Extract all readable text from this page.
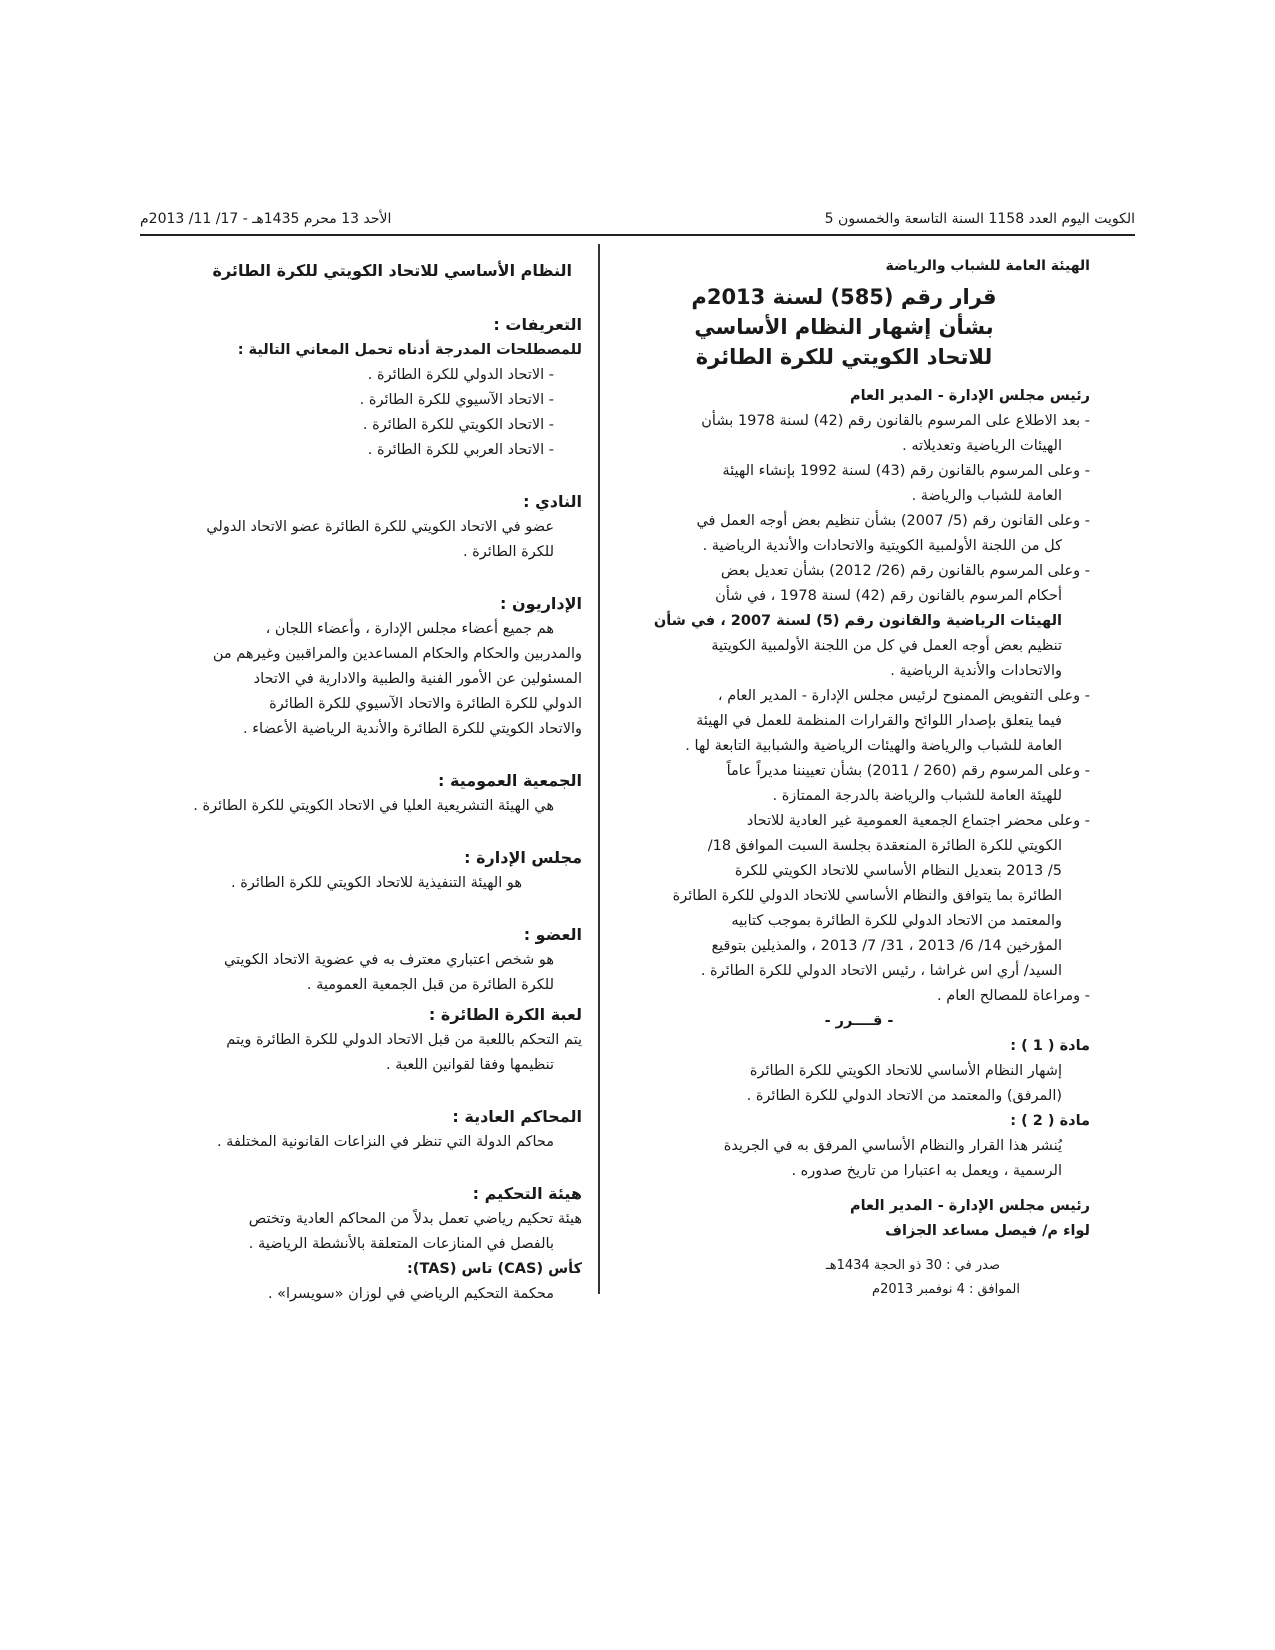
الكويت اليوم العدد 1158 السنة التاسعة والخمسون 5
الأحد 13 محرم 1435هـ - 17/ 11/ 2013م
الهيئة العامة للشباب والرياضة
قرار رقم (585) لسنة 2013م
بشأن إشهار النظام الأساسي
للاتحاد الكويتي للكرة الطائرة
رئيس مجلس الإدارة - المدير العام
- بعد الاطلاع على المرسوم بالقانون رقم (42) لسنة 1978 بشأن
الهيئات الرياضية وتعديلاته .
- وعلى المرسوم بالقانون رقم (43) لسنة 1992 بإنشاء الهيئة
العامة للشباب والرياضة .
- وعلى القانون رقم (5/ 2007) بشأن تنظيم بعض أوجه العمل في
كل من اللجنة الأولمبية الكويتية والاتحادات والأندية الرياضية .
- وعلى المرسوم بالقانون رقم (26/ 2012) بشأن تعديل بعض
أحكام المرسوم بالقانون رقم (42) لسنة 1978 ، في شأن
الهيئات الرياضية والقانون رقم (5) لسنة 2007 ، في شأن
تنظيم بعض أوجه العمل في كل من اللجنة الأولمبية الكويتية
والاتحادات والأندية الرياضية .
- وعلى التفويض الممنوح لرئيس مجلس الإدارة - المدير العام ،
فيما يتعلق بإصدار اللوائح والقرارات المنظمة للعمل في الهيئة
العامة للشباب والرياضة والهيئات الرياضية والشبابية التابعة لها .
- وعلى المرسوم رقم (260 / 2011) بشأن تعييننا مديراً عاماً
للهيئة العامة للشباب والرياضة بالدرجة الممتازة .
- وعلى محضر اجتماع الجمعية العمومية غير العادية للاتحاد
الكويتي للكرة الطائرة المنعقدة بجلسة السبت الموافق 18/
5/ 2013 بتعديل النظام الأساسي للاتحاد الكويتي للكرة
الطائرة بما يتوافق والنظام الأساسي للاتحاد الدولي للكرة الطائرة
والمعتمد من الاتحاد الدولي للكرة الطائرة بموجب كتابيه
المؤرخين 14/ 6/ 2013 ، 31/ 7/ 2013 ، والمذيلين بتوقيع
السيد/ أري اس غراشا ، رئيس الاتحاد الدولي للكرة الطائرة .
- ومراعاة للمصالح العام .
- قــــرر -
مادة ( 1 ) :
إشهار النظام الأساسي للاتحاد الكويتي للكرة الطائرة
(المرفق) والمعتمد من الاتحاد الدولي للكرة الطائرة .
مادة ( 2 ) :
يُنشر هذا القرار والنظام الأساسي المرفق به في الجريدة
الرسمية ، ويعمل به اعتبارا من تاريخ صدوره .
رئيس مجلس الإدارة - المدير العام
لواء م/ فيصل مساعد الجزاف
صدر في : 30 ذو الحجة 1434هـ
الموافق : 4 نوفمبر 2013م
النظام الأساسي للاتحاد الكويتي للكرة الطائرة
التعريفات :
للمصطلحات المدرجة أدناه تحمل المعاني التالية :
- الاتحاد الدولي للكرة الطائرة .
- الاتحاد الآسيوي للكرة الطائرة .
- الاتحاد الكويتي للكرة الطائرة .
- الاتحاد العربي للكرة الطائرة .
النادي :
عضو في الاتحاد الكويتي للكرة الطائرة عضو الاتحاد الدولي
للكرة الطائرة .
الإداريون :
هم جميع أعضاء مجلس الإدارة ، وأعضاء اللجان ،
والمدربين والحكام والحكام المساعدين والمراقبين وغيرهم من
المسئولين عن الأمور الفنية والطبية والادارية في الاتحاد
الدولي للكرة الطائرة والاتحاد الآسيوي للكرة الطائرة
والاتحاد الكويتي للكرة الطائرة والأندية الرياضية الأعضاء .
الجمعية العمومية :
هي الهيئة التشريعية العليا في الاتحاد الكويتي للكرة الطائرة .
مجلس الإدارة :
هو الهيئة التنفيذية للاتحاد الكويتي للكرة الطائرة .
العضو :
هو شخص اعتباري معترف به في عضوية الاتحاد الكويتي
للكرة الطائرة من قبل الجمعية العمومية .
لعبة الكرة الطائرة :
يتم التحكم باللعبة من قبل الاتحاد الدولي للكرة الطائرة ويتم
تنظيمها وفقا لقوانين اللعبة .
المحاكم العادية :
محاكم الدولة التي تنظر في النزاعات القانونية المختلفة .
هيئة التحكيم :
هيئة تحكيم رياضي تعمل بدلاً من المحاكم العادية وتختص
بالفصل في المنازعات المتعلقة بالأنشطة الرياضية .
كأس (CAS) تاس (TAS):
محكمة التحكيم الرياضي في لوزان «سويسرا» .
